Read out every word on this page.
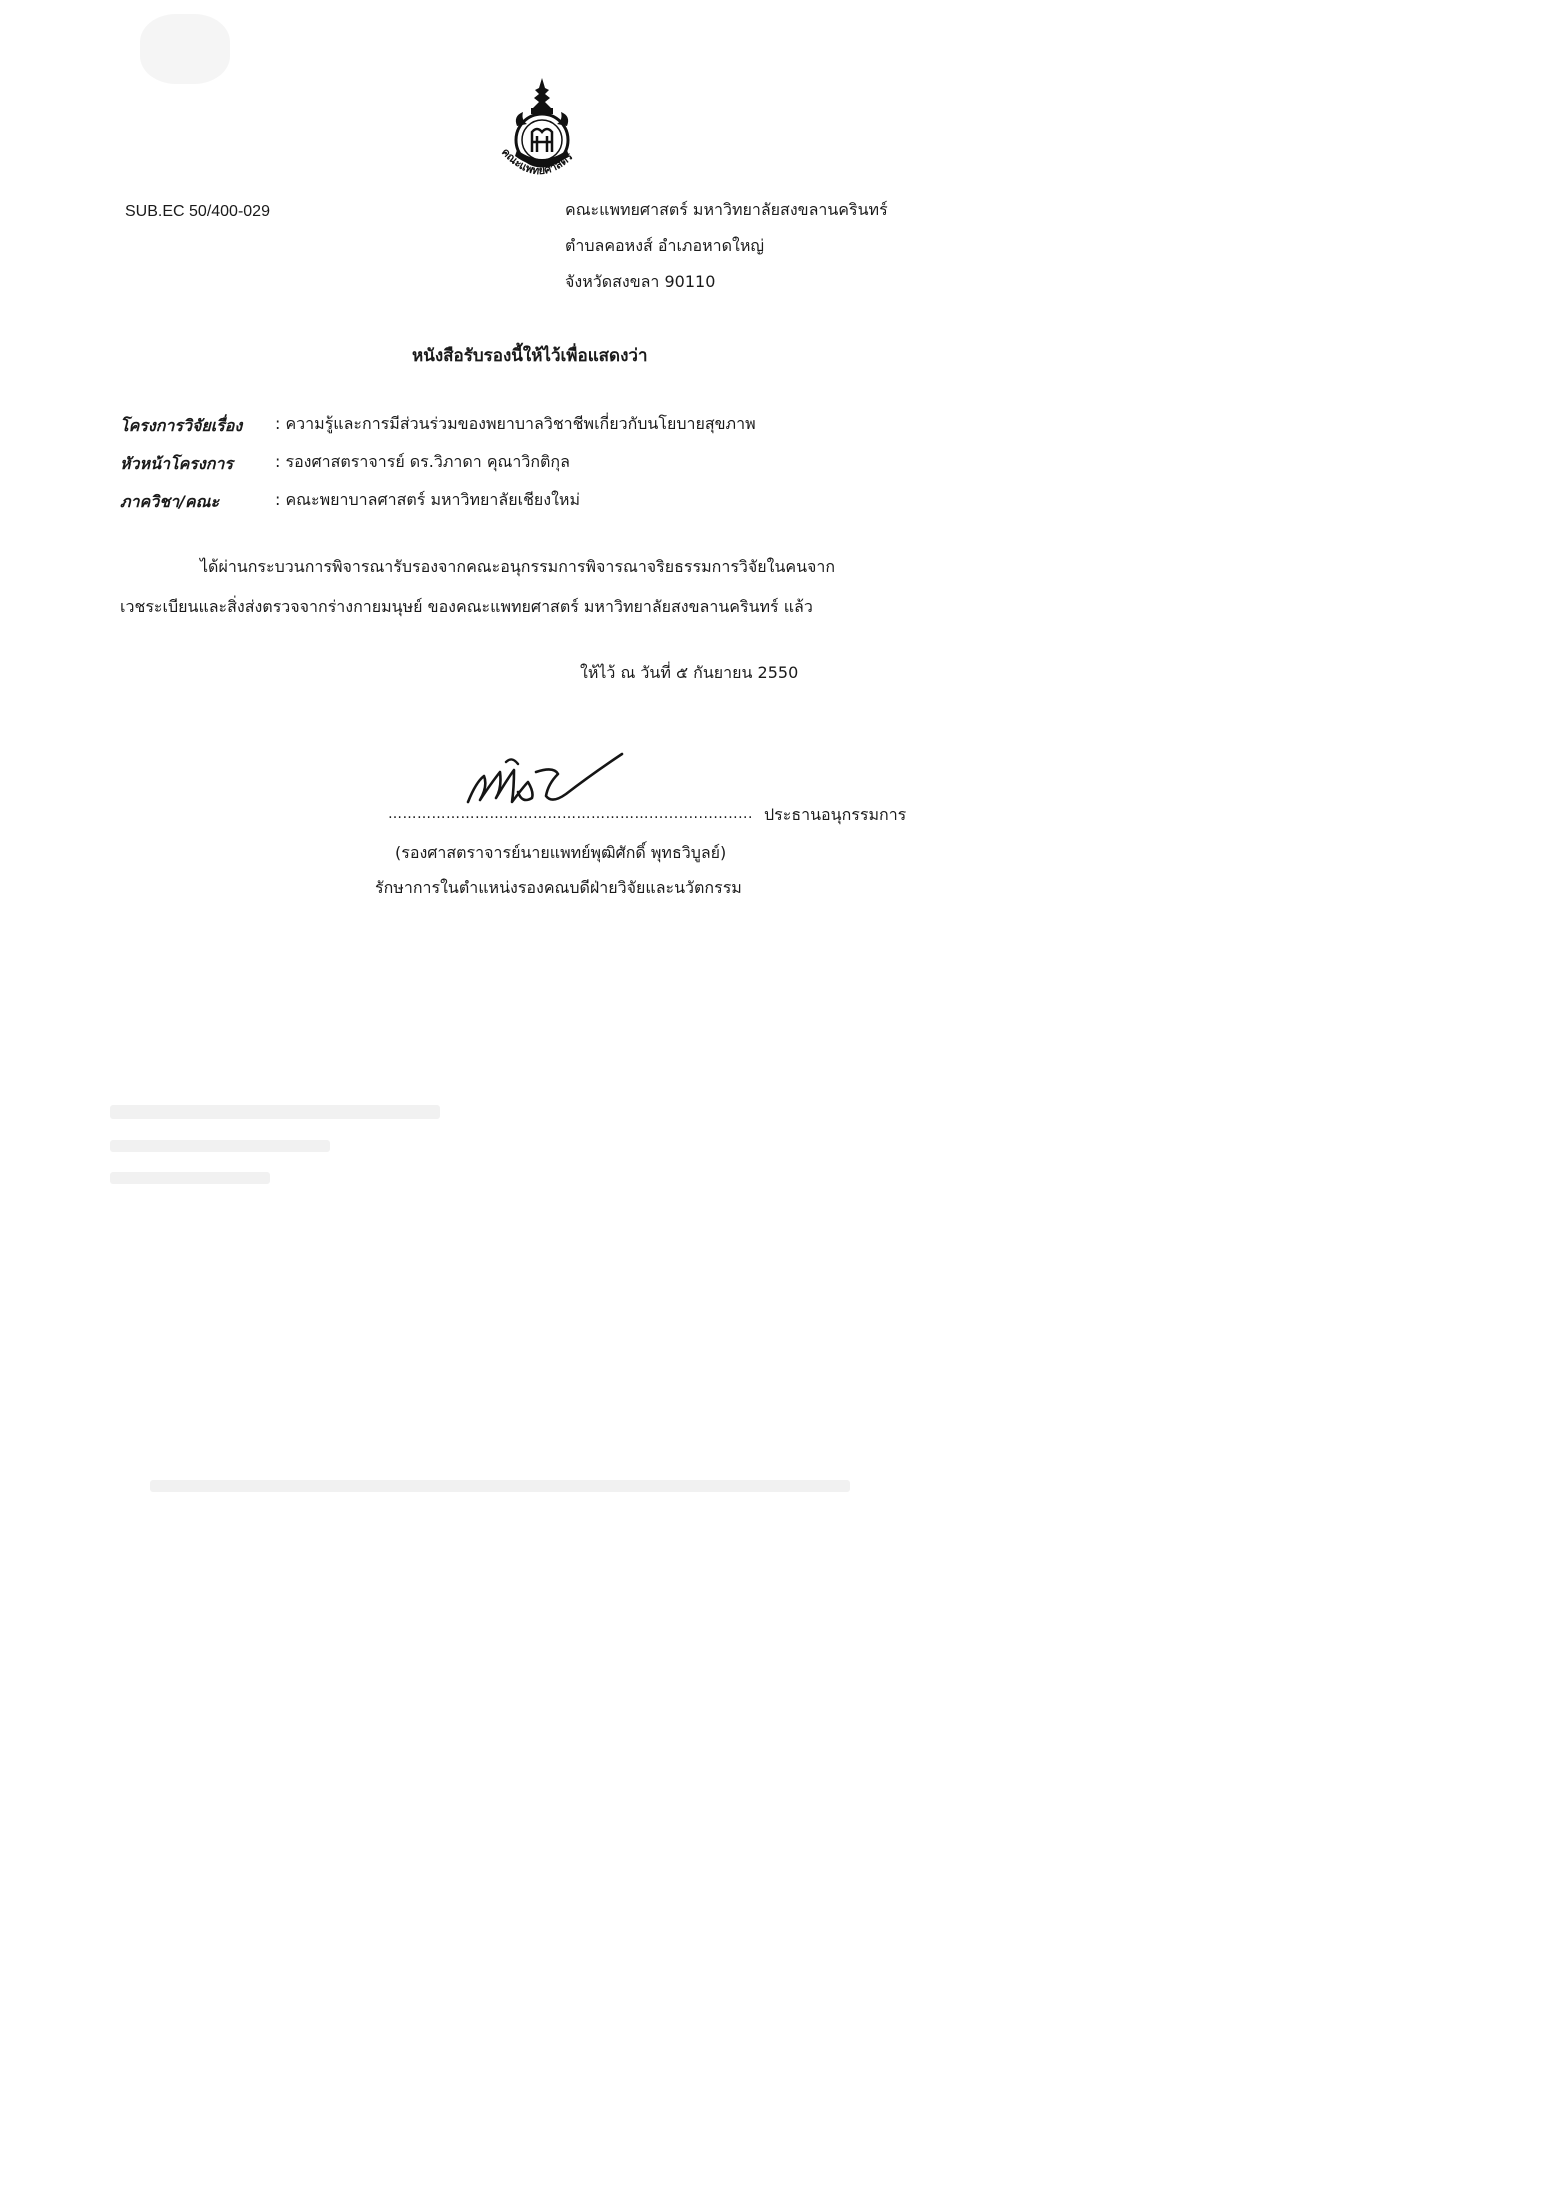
คณะแพทยศาสตร์
SUB.EC 50/400-029	คณะแพทยศาสตร์ มหาวิทยาลัยสงขลานครินทร์
ตำบลคอหงส์ อำเภอหาดใหญ่
จังหวัดสงขลา 90110
หนังสือรับรองนี้ให้ไว้เพื่อแสดงว่า
โครงการวิจัยเรื่อง : ความรู้และการมีส่วนร่วมของพยาบาลวิชาชีพเกี่ยวกับนโยบายสุขภาพ
หัวหน้าโครงการ	: รองศาสตราจารย์ ดร.วิภาดา คุณาวิกติกุล
ภาควิชา/คณะ	: คณะพยาบาลศาสตร์ มหาวิทยาลัยเชียงใหม่
ได้ผ่านกระบวนการพิจารณารับรองจากคณะอนุกรรมการพิจารณาจริยธรรมการวิจัยในคนจาก
เวชระเบียนและสิ่งส่งตรวจจากร่างกายมนุษย์ ของคณะแพทยศาสตร์ มหาวิทยาลัยสงขลานครินทร์ แล้ว
ให้ไว้ ณ วันที่ ๕ กันยายน 2550
………………………………………………..................... ประธานอนุกรรมการ
(รองศาสตราจารย์นายแพทย์พุฒิศักดิ์ พุทธวิบูลย์)
รักษาการในตำแหน่งรองคณบดีฝ่ายวิจัยและนวัตกรรม
